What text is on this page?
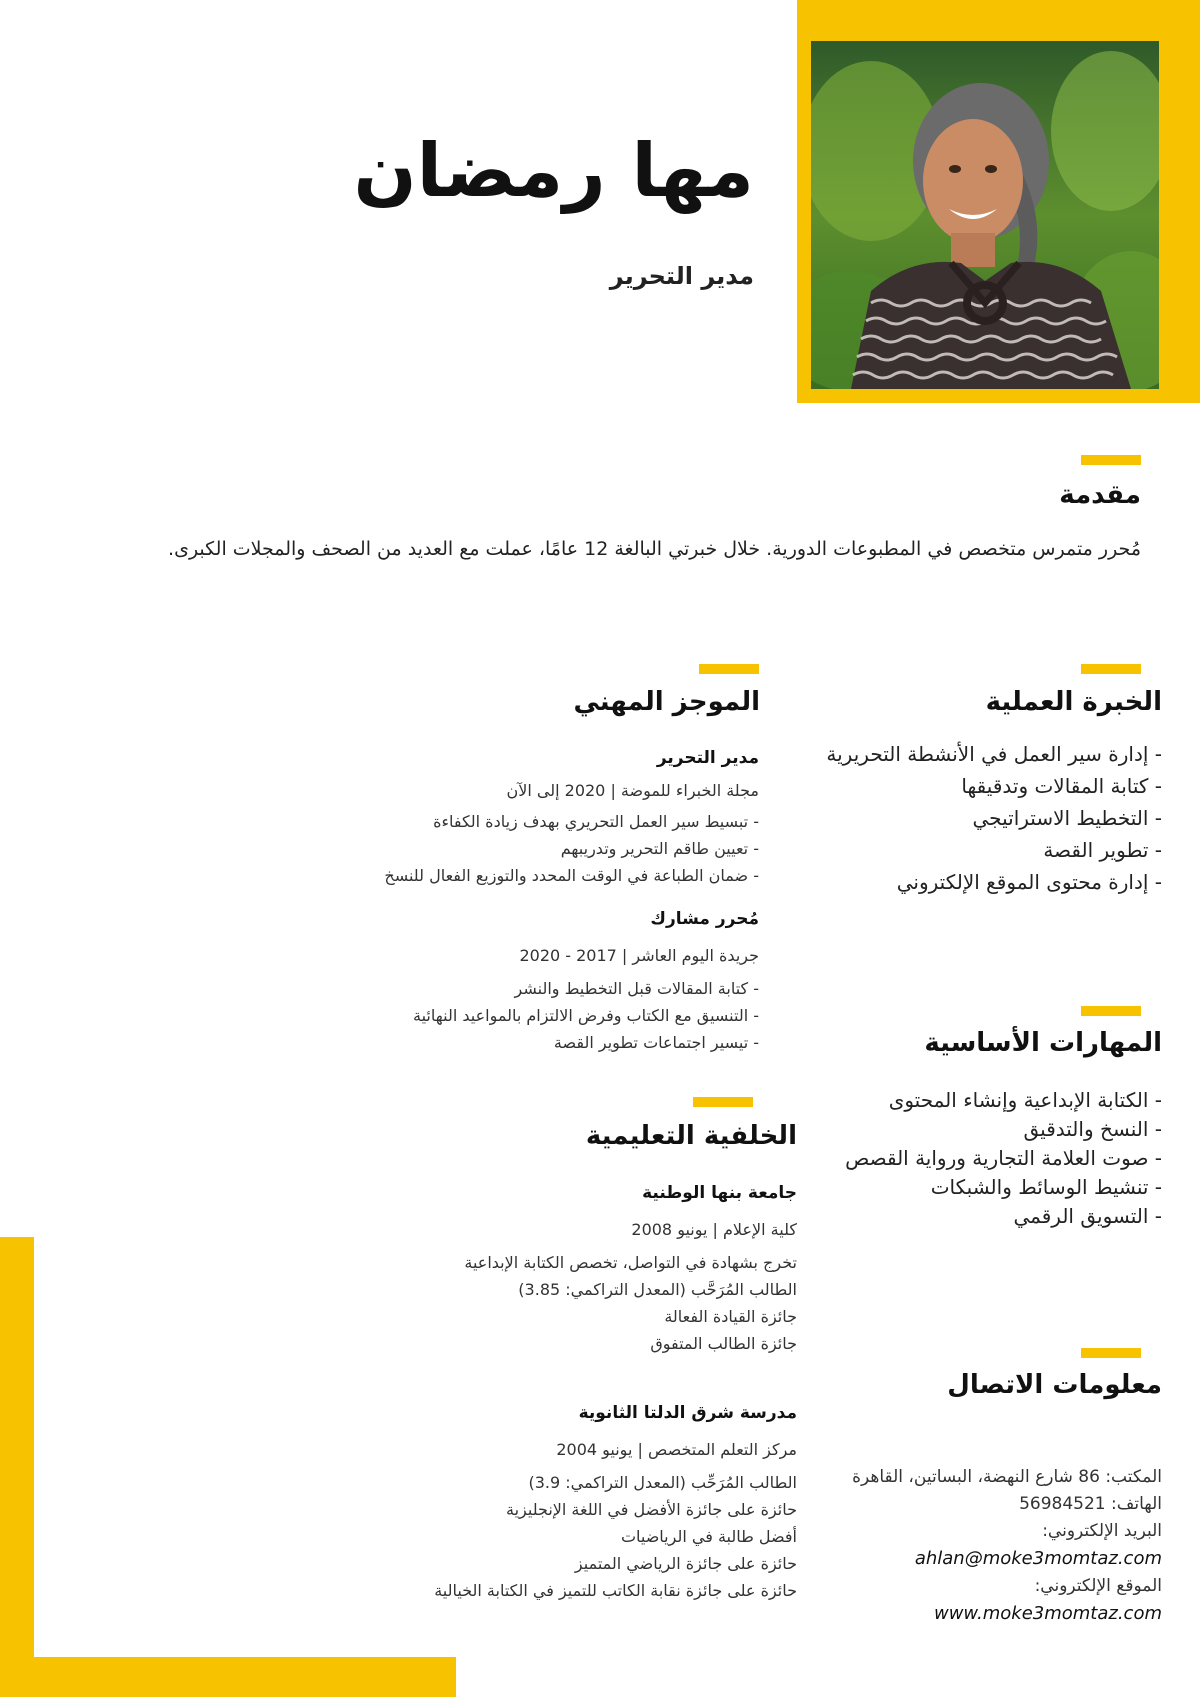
مها رمضان
مدير التحرير
مقدمة
مُحرر متمرس متخصص في المطبوعات الدورية. خلال خبرتي البالغة 12 عامًا، عملت مع العديد من الصحف والمجلات الكبرى.
الخبرة العملية
- إدارة سير العمل في الأنشطة التحريرية
- كتابة المقالات وتدقيقها
- التخطيط الاستراتيجي
- تطوير القصة
- إدارة محتوى الموقع الإلكتروني
المهارات الأساسية
- الكتابة الإبداعية وإنشاء المحتوى
- النسخ والتدقيق
- صوت العلامة التجارية ورواية القصص
- تنشيط الوسائط والشبكات
- التسويق الرقمي
معلومات الاتصال
المكتب: 86 شارع النهضة، البساتين، القاهرة
الهاتف: 56984521
البريد الإلكتروني:
ahlan@moke3momtaz.com
الموقع الإلكتروني:
www.moke3momtaz.com
الموجز المهني
مدير التحرير
مجلة الخبراء للموضة | 2020 إلى الآن
- تبسيط سير العمل التحريري بهدف زيادة الكفاءة
- تعيين طاقم التحرير وتدريبهم
- ضمان الطباعة في الوقت المحدد والتوزيع الفعال للنسخ
مُحرر مشارك
جريدة اليوم العاشر | 2017 - 2020
- كتابة المقالات قبل التخطيط والنشر
- التنسيق مع الكتاب وفرض الالتزام بالمواعيد النهائية
- تيسير اجتماعات تطوير القصة
الخلفية التعليمية
جامعة بنها الوطنية
كلية الإعلام | يونيو 2008
تخرج بشهادة في التواصل، تخصص الكتابة الإبداعية
الطالب المُرَحَّب (المعدل التراكمي: 3.85)
جائزة القيادة الفعالة
جائزة الطالب المتفوق
مدرسة شرق الدلتا الثانوية
مركز التعلم المتخصص | يونيو 2004
الطالب المُرَحِّب (المعدل التراكمي: 3.9)
حائزة على جائزة الأفضل في اللغة الإنجليزية
أفضل طالبة في الرياضيات
حائزة على جائزة الرياضي المتميز
حائزة على جائزة نقابة الكاتب للتميز في الكتابة الخيالية
